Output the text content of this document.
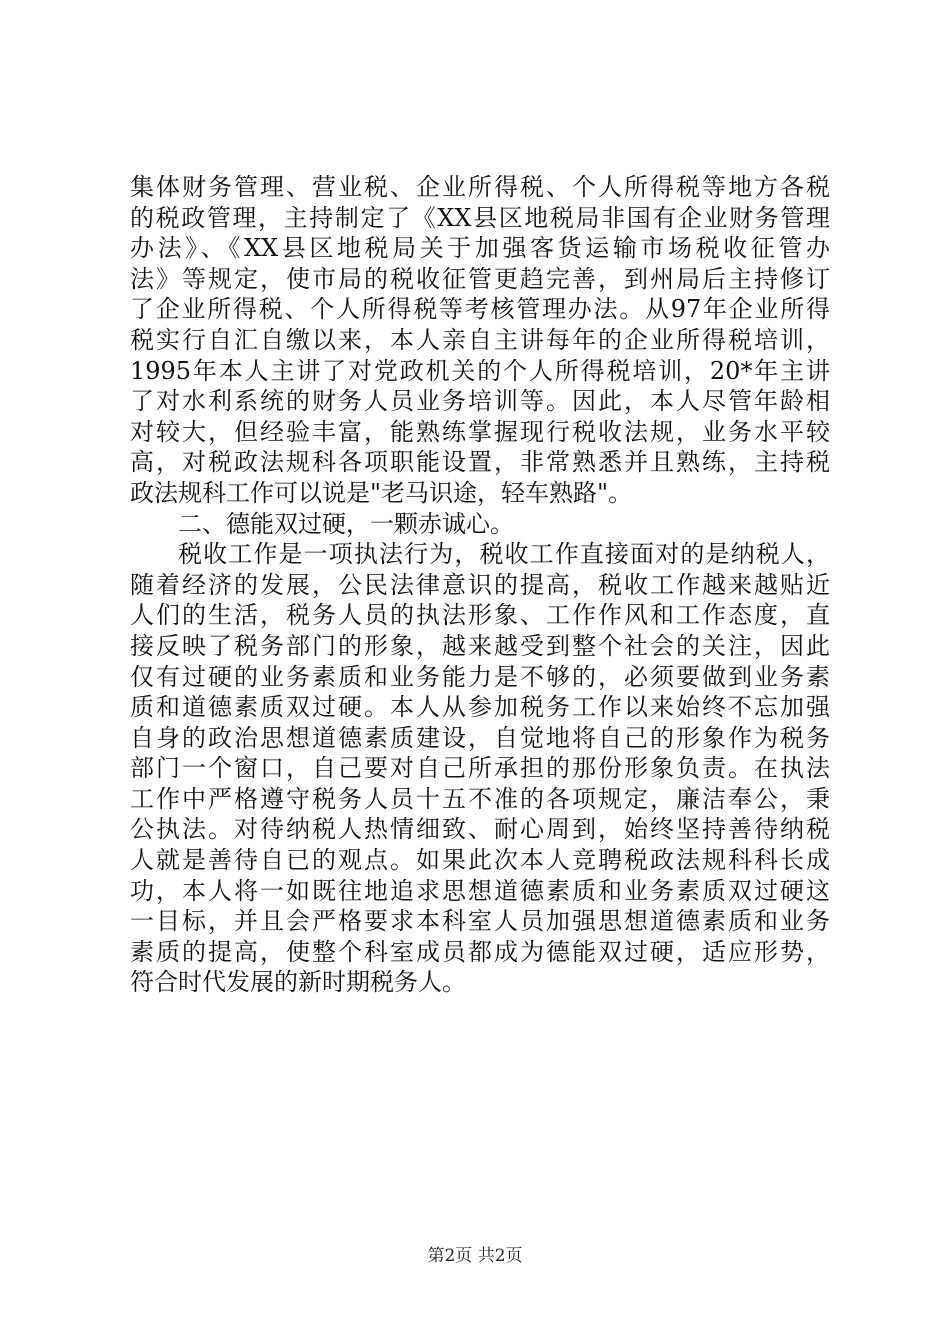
集体财务管理、营业税、企业所得税、个人所得税等地方各税
的税政管理，主持制定了《XX县区地税局非国有企业财务管理
办法》、《XX县区地税局关于加强客货运输市场税收征管办
法》等规定，使市局的税收征管更趋完善，到州局后主持修订
了企业所得税、个人所得税等考核管理办法。从97年企业所得
税实行自汇自缴以来，本人亲自主讲每年的企业所得税培训，
1995年本人主讲了对党政机关的个人所得税培训，20*年主讲
了对水利系统的财务人员业务培训等。因此，本人尽管年龄相
对较大，但经验丰富，能熟练掌握现行税收法规，业务水平较
高，对税政法规科各项职能设置，非常熟悉并且熟练，主持税
政法规科工作可以说是"老马识途，轻车熟路"。
二、德能双过硬，一颗赤诚心。
税收工作是一项执法行为，税收工作直接面对的是纳税人，
随着经济的发展，公民法律意识的提高，税收工作越来越贴近
人们的生活，税务人员的执法形象、工作作风和工作态度，直
接反映了税务部门的形象，越来越受到整个社会的关注，因此
仅有过硬的业务素质和业务能力是不够的，必须要做到业务素
质和道德素质双过硬。本人从参加税务工作以来始终不忘加强
自身的政治思想道德素质建设，自觉地将自己的形象作为税务
部门一个窗口，自己要对自己所承担的那份形象负责。在执法
工作中严格遵守税务人员十五不准的各项规定，廉洁奉公，秉
公执法。对待纳税人热情细致、耐心周到，始终坚持善待纳税
人就是善待自已的观点。如果此次本人竞聘税政法规科科长成
功，本人将一如既往地追求思想道德素质和业务素质双过硬这
一目标，并且会严格要求本科室人员加强思想道德素质和业务
素质的提高，使整个科室成员都成为德能双过硬，适应形势，
符合时代发展的新时期税务人。
第2页 共2页
